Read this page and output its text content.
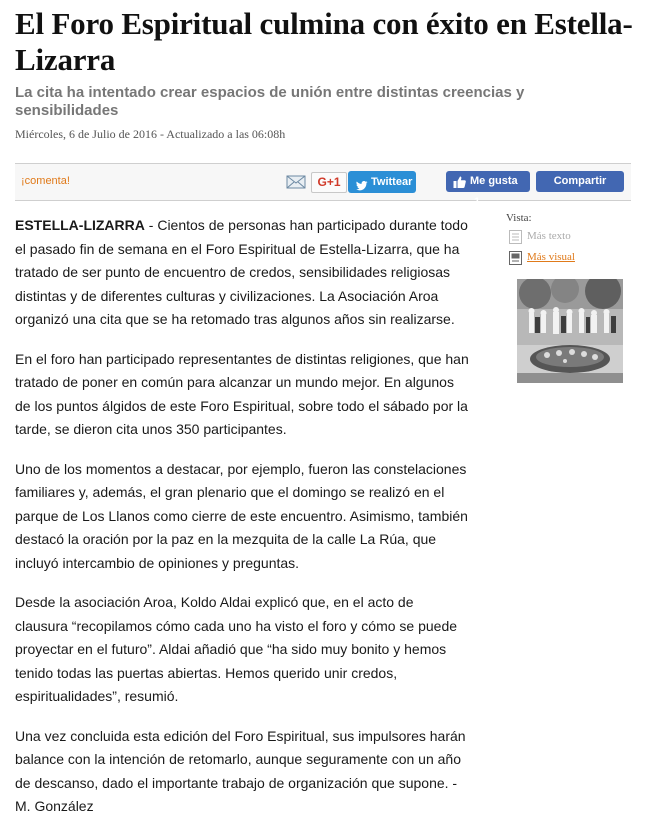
El Foro Espiritual culmina con éxito en Estella-Lizarra
La cita ha intentado crear espacios de unión entre distintas creencias y sensibilidades
Miércoles, 6 de Julio de 2016 - Actualizado a las 06:08h
¡comenta!	G+1	Twittear	Me gusta 1
Compartir

ESTELLA-LIZARRA - Cientos de personas han participado durante todo el pasado fin de semana en el Foro Espiritual de Estella-Lizarra, que ha tratado de ser punto de encuentro de credos, sensibilidades religiosas distintas y de diferentes culturas y civilizaciones. La Asociación Aroa organizó una cita que se ha retomado tras algunos años sin realizarse.

En el foro han participado representantes de distintas religiones, que han tratado de poner en común para alcanzar un mundo mejor. En algunos de los puntos álgidos de este Foro Espiritual, sobre todo el sábado por la tarde, se dieron cita unos 350 participantes.

Uno de los momentos a destacar, por ejemplo, fueron las constelaciones familiares y, además, el gran plenario que el domingo se realizó en el parque de Los Llanos como cierre de este encuentro. Asimismo, también destacó la oración por la paz en la mezquita de la calle La Rúa, que incluyó intercambio de opiniones y preguntas.

Desde la asociación Aroa, Koldo Aldai explicó que, en el acto de clausura “recopilamos cómo cada uno ha visto el foro y cómo se puede proyectar en el futuro”. Aldai añadió que “ha sido muy bonito y hemos tenido todas las puertas abiertas. Hemos querido unir credos, espiritualidades”, resumió.

Una vez concluida esta edición del Foro Espiritual, sus impulsores harán balance con la intención de retomarlo, aunque seguramente con un año de descanso, dado el importante trabajo de organización que supone. - M. González

Vista:
Más texto
Más visual
